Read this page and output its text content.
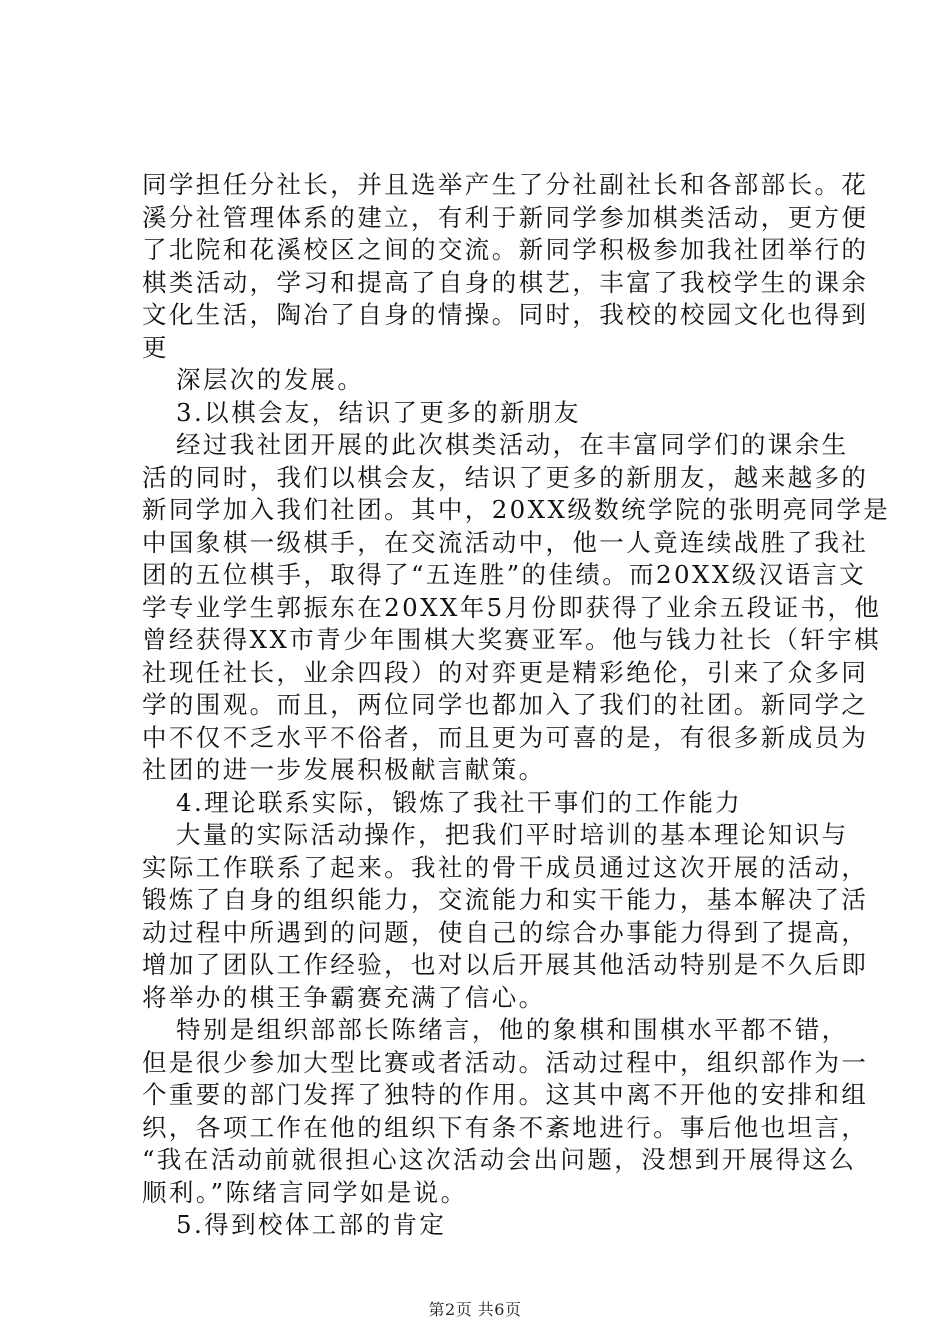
同学担任分社长，并且选举产生了分社副社长和各部部长。花

溪分社管理体系的建立，有利于新同学参加棋类活动，更方便

了北院和花溪校区之间的交流。新同学积极参加我社团举行的

棋类活动，学习和提高了自身的棋艺，丰富了我校学生的课余

文化生活，陶冶了自身的情操。同时，我校的校园文化也得到

更

深层次的发展。

3.以棋会友，结识了更多的新朋友

经过我社团开展的此次棋类活动，在丰富同学们的课余生

活的同时，我们以棋会友，结识了更多的新朋友，越来越多的

新同学加入我们社团。其中，20XX级数统学院的张明亮同学是

中国象棋一级棋手，在交流活动中，他一人竟连续战胜了我社

团的五位棋手，取得了“五连胜”的佳绩。而20XX级汉语言文

学专业学生郭振东在20XX年5月份即获得了业余五段证书，他

曾经获得XX市青少年围棋大奖赛亚军。他与钱力社长（轩宇棋

社现任社长，业余四段）的对弈更是精彩绝伦，引来了众多同

学的围观。而且，两位同学也都加入了我们的社团。新同学之

中不仅不乏水平不俗者，而且更为可喜的是，有很多新成员为

社团的进一步发展积极献言献策。

4.理论联系实际，锻炼了我社干事们的工作能力

大量的实际活动操作，把我们平时培训的基本理论知识与

实际工作联系了起来。我社的骨干成员通过这次开展的活动，

锻炼了自身的组织能力，交流能力和实干能力，基本解决了活

动过程中所遇到的问题，使自己的综合办事能力得到了提高，

增加了团队工作经验，也对以后开展其他活动特别是不久后即

将举办的棋王争霸赛充满了信心。

特别是组织部部长陈绪言，他的象棋和围棋水平都不错，

但是很少参加大型比赛或者活动。活动过程中，组织部作为一

个重要的部门发挥了独特的作用。这其中离不开他的安排和组

织，各项工作在他的组织下有条不紊地进行。事后他也坦言，

“我在活动前就很担心这次活动会出问题，没想到开展得这么

顺利。”陈绪言同学如是说。

5.得到校体工部的肯定

第2页 共6页
